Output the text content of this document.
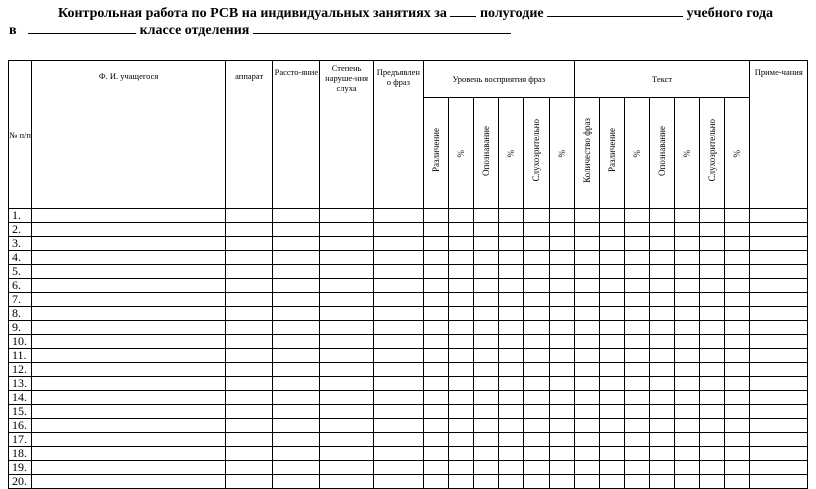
Контрольная работа по РСВ на индивидуальных занятиях за полугодие	учебного года
в	классе отделения
№ п/п	Ф. И. учащегося	аппарат	Рассто-яние	Степень наруше-ния слуха	Предъявлен о фраз	Уровень восприятия фраз						Текст							Приме-чания
						Различение	%	Опознавание	%	Слухозрительно	%	Количество фраз	Различение	%	Опознавание	%	Слухозрительно	%	
1.																			
2.																			
3.																			
4.																			
5.																			
6.																			
7.																			
8.																			
9.																			
10.																			
11.																			
12.																			
13.																			
14.																			
15.																			
16.																			
17.																			
18.																			
19.																			
20.																			
